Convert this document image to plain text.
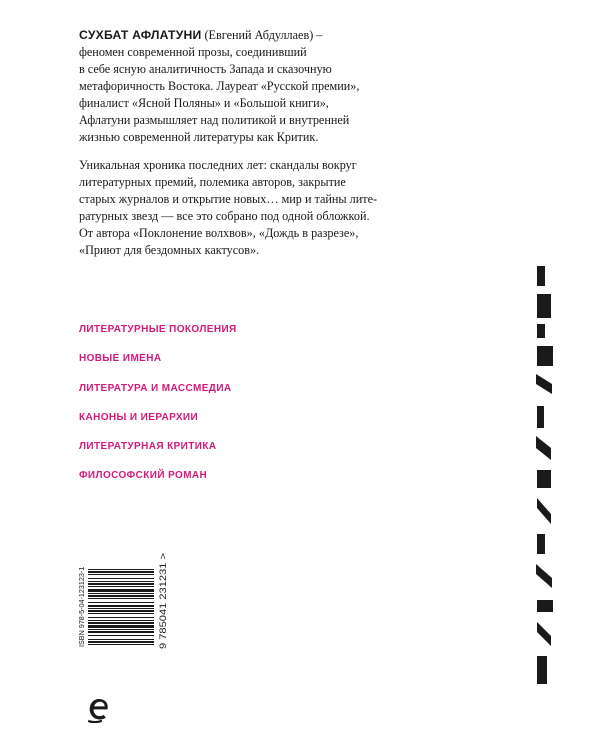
СУХБАТ АФЛАТУНИ (Евгений Абдуллаев) –
феномен современной прозы, соединивший
в себе ясную аналитичность Запада и сказочную
метафоричность Востока. Лауреат «Русской премии»,
финалист «Ясной Поляны» и «Большой книги»,
Афлатуни размышляет над политикой и внутренней
жизнью современной литературы как Критик.

Уникальная хроника последних лет: скандалы вокруг
литературных премий, полемика авторов, закрытие
старых журналов и открытие новых… мир и тайны лите-
ратурных звезд — все это собрано под одной обложкой.
От автора «Поклонение волхвов», «Дождь в разрезе»,
«Приют для бездомных кактусов».

ЛИТЕРАТУРНЫЕ ПОКОЛЕНИЯ
НОВЫЕ ИМЕНА
ЛИТЕРАТУРА И МАССМЕДИА
КАНОНЫ И ИЕРАРХИИ
ЛИТЕРАТУРНАЯ КРИТИКА
ФИЛОСОФСКИЙ РОМАН
ISBN 978-5-04-123123-1	9 785041 231231 >
